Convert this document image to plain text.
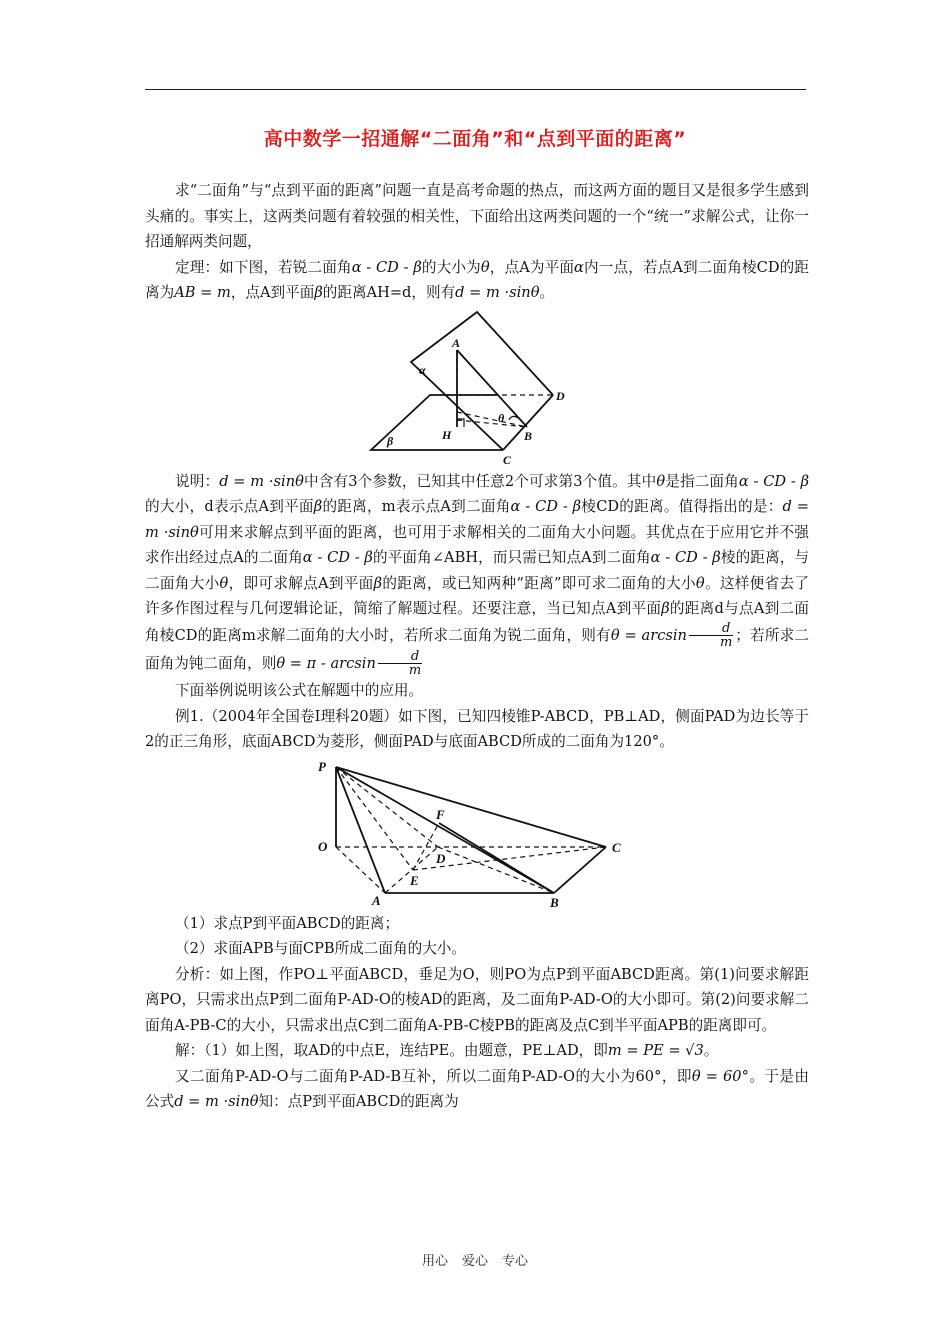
高中数学一招通解“二面角”和“点到平面的距离”

求“二面角”与“点到平面的距离”问题一直是高考命题的热点，而这两方面的题目又是很多学生感到头痛的。事实上，这两类问题有着较强的相关性，下面给出这两类问题的一个“统一”求解公式，让你一招通解两类问题，

定理：如下图，若锐二面角α - CD - β的大小为θ，点A为平面α内一点，若点A到二面角棱CD的距离为AB = m，点A到平面β的距离AH=d，则有d = m ·sinθ。

α
β
θ
A
H
D
B
C

说明：d = m ·sinθ中含有3个参数，已知其中任意2个可求第3个值。其中θ是指二面角α - CD - β的大小，d表示点A到平面β的距离，m表示点A到二面角α - CD - β棱CD的距离。值得指出的是：d = m ·sinθ可用来求解点到平面的距离，也可用于求解相关的二面角大小问题。其优点在于应用它并不强求作出经过点A的二面角α - CD - β的平面角∠ABH，而只需已知点A到二面角α - CD - β棱的距离，与二面角大小θ，即可求解点A到平面β的距离，或已知两种“距离”即可求二面角的大小θ。这样便省去了许多作图过程与几何逻辑论证，简缩了解题过程。还要注意，当已知点A到平面β的距离d与点A到二面角棱CD的距离m求解二面角的大小时，若所求二面角为锐二面角，则有$\theta = \arcsin \frac{d}{m}$ ；若所求二面角为钝二面角，则$\theta = \pi - \arcsin \frac{d}{m}$

下面举例说明该公式在解题中的应用。

例1.（2004年全国卷Ⅰ理科20题）如下图，已知四棱锥P-ABCD，PB⊥AD，侧面PAD为边长等于2的正三角形，底面ABCD为菱形，侧面PAD与底面ABCD所成的二面角为120°。

P
O
F
D
C
E
A	B

（1）求点P到平面ABCD的距离；

（2）求面APB与面CPB所成二面角的大小。

分析：如上图，作PO⊥平面ABCD，垂足为O，则PO为点P到平面ABCD距离。第(1)问要求解距离PO，只需求出点P到二面角P-AD-O的棱AD的距离，及二面角P-AD-O的大小即可。第(2)问要求解二面角A-PB-C的大小，只需求出点C到二面角A-PB-C棱PB的距离及点C到半平面APB的距离即可。

解：（1）如上图，取AD的中点E，连结PE。由题意，PE⊥AD，即m = PE = √3。

又二面角P-AD-O与二面角P-AD-B互补，所以二面角P-AD-O的大小为60°，即θ = 60°。于是由公式d = m ·sinθ知：点P到平面ABCD的距离为

用心 爱心 专心
